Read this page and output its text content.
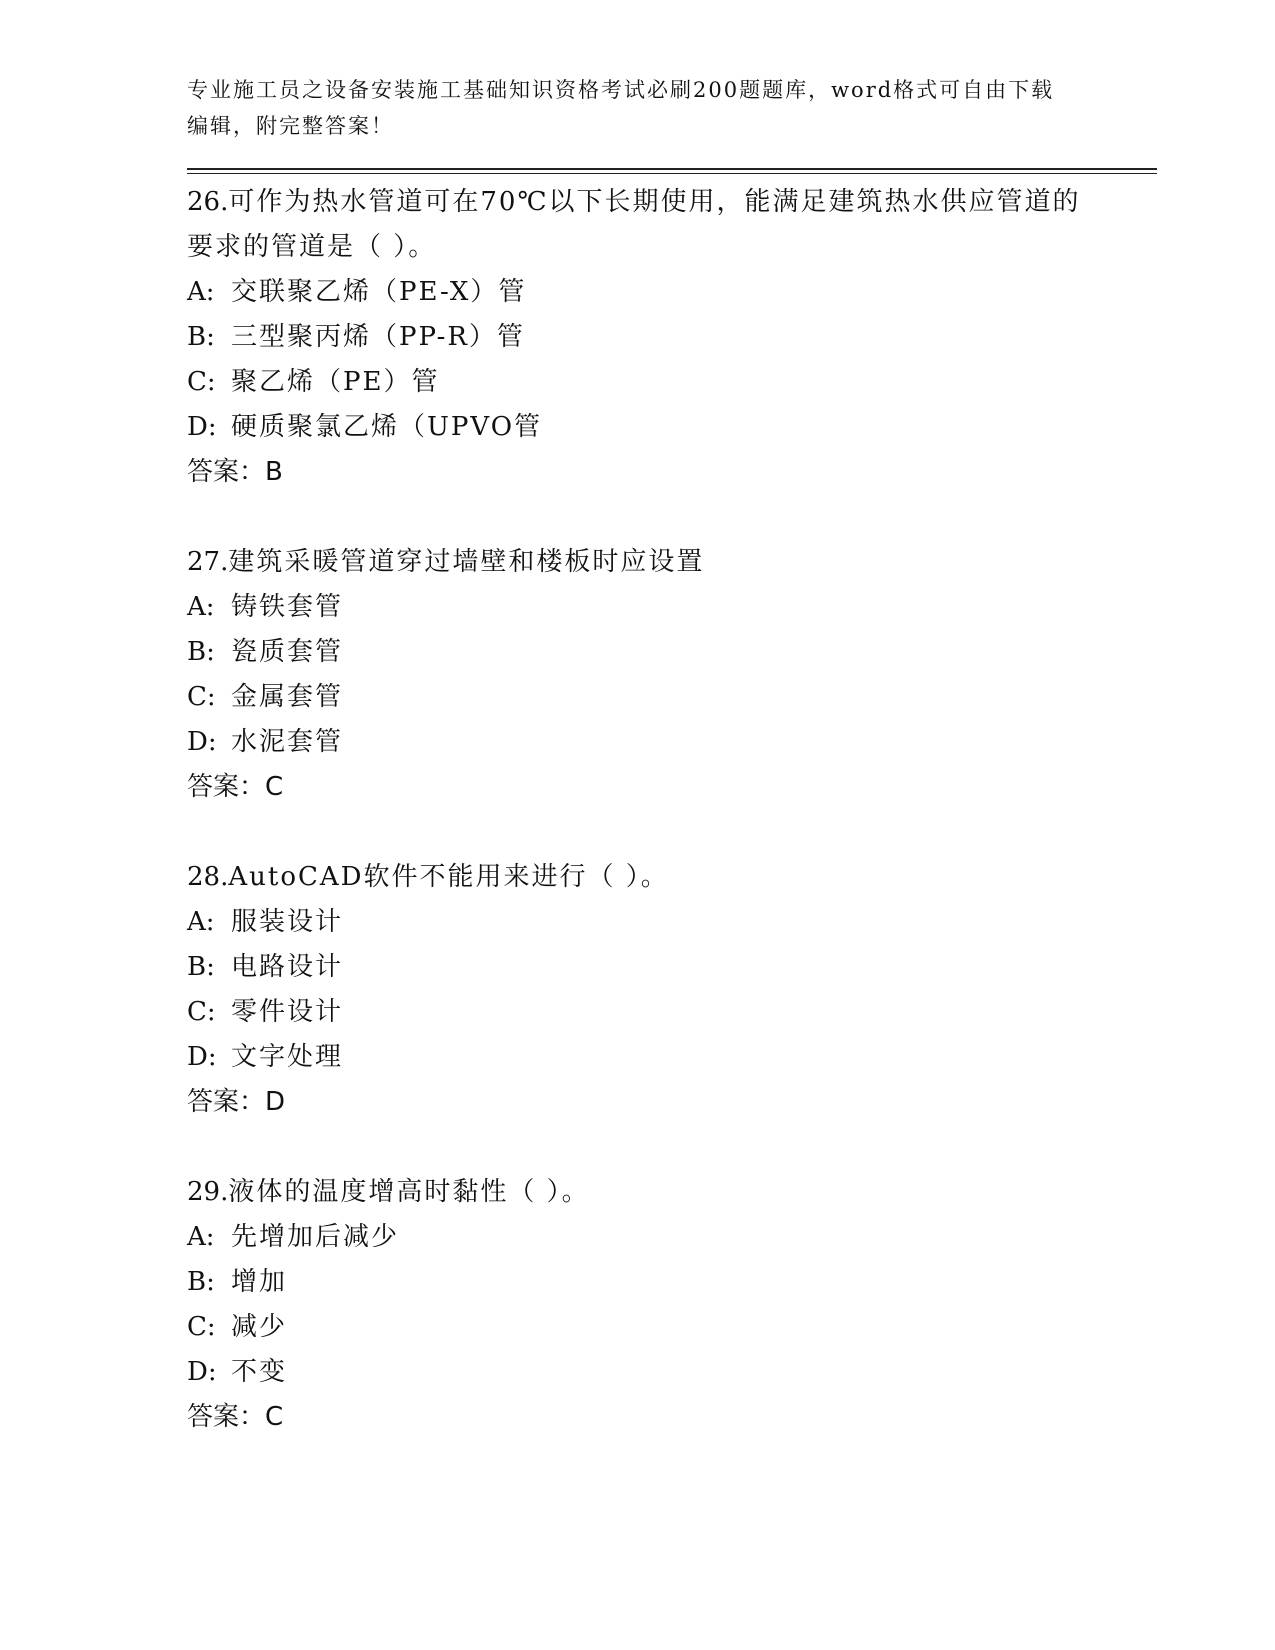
专业施工员之设备安装施工基础知识资格考试必刷200题题库，word格式可自由下载编辑，附完整答案！
26.可作为热水管道可在70℃以下长期使用，能满足建筑热水供应管道的要求的管道是（ ）。
A: 交联聚乙烯（PE-X）管
B: 三型聚丙烯（PP-R）管
C: 聚乙烯（PE）管
D: 硬质聚氯乙烯（UPVO管
答案：B
27.建筑采暖管道穿过墙壁和楼板时应设置
A: 铸铁套管
B: 瓷质套管
C: 金属套管
D: 水泥套管
答案：C
28.AutoCAD软件不能用来进行（ ）。
A: 服装设计
B: 电路设计
C: 零件设计
D: 文字处理
答案：D
29.液体的温度增高时黏性（ ）。
A: 先增加后减少
B: 增加
C: 减少
D: 不变
答案：C
